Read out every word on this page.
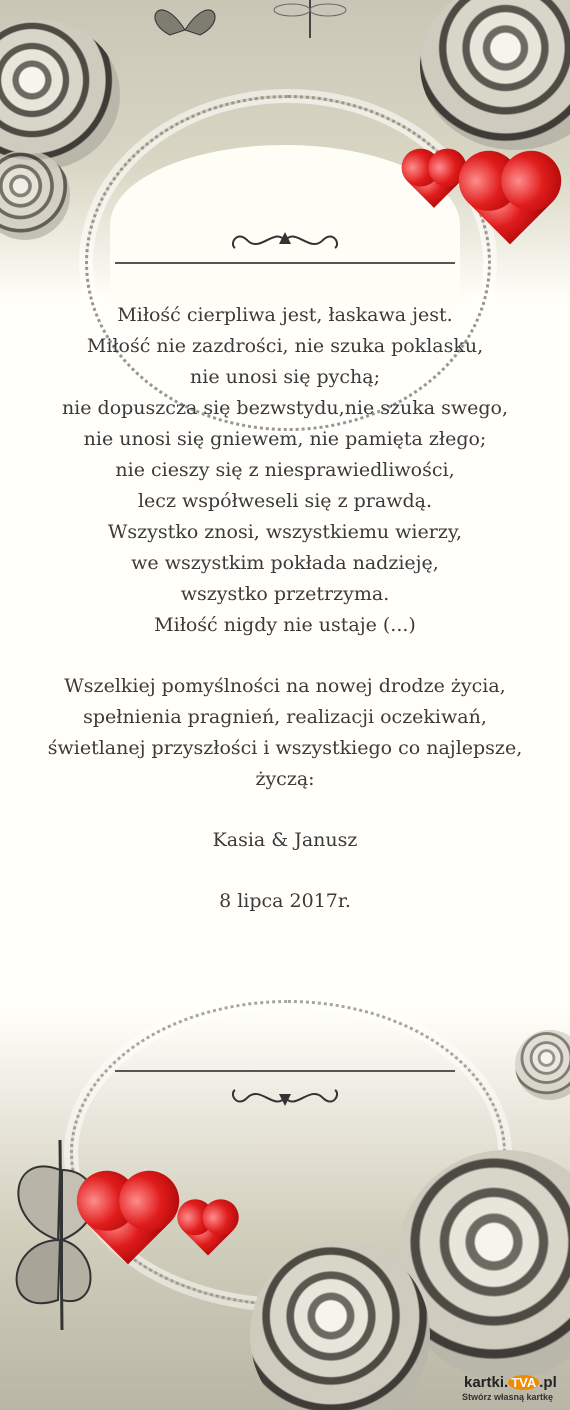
Miłość cierpliwa jest, łaskawa jest.

Miłość nie zazdrości, nie szuka poklasku,

nie unosi się pychą;

nie dopuszcza się bezwstydu,nie szuka swego,

nie unosi się gniewem, nie pamięta złego;

nie cieszy się z niesprawiedliwości,

lecz współweseli się z prawdą.

Wszystko znosi, wszystkiemu wierzy,

we wszystkim pokłada nadzieję,

wszystko przetrzyma.

Miłość nigdy nie ustaje (...)

Wszelkiej pomyślności na nowej drodze życia,

spełnienia pragnień, realizacji oczekiwań,

świetlanej przyszłości i wszystkiego co najlepsze,

życzą:

Kasia & Janusz

8 lipca 2017r.

kartki. TVA .pl
Stwórz własną kartkę
